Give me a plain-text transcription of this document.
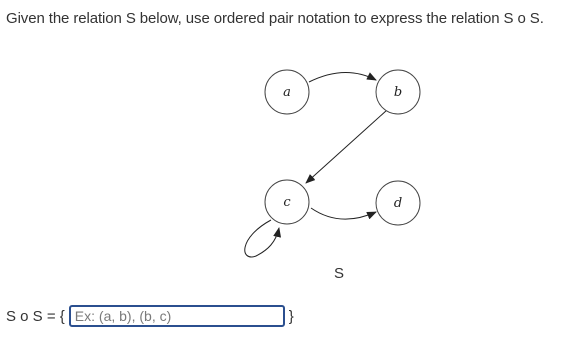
Given the relation S below, use ordered pair notation to express the relation S o S.
a	b
c	d
S
S o S = {
Ex: (a, b), (b, c)	}
